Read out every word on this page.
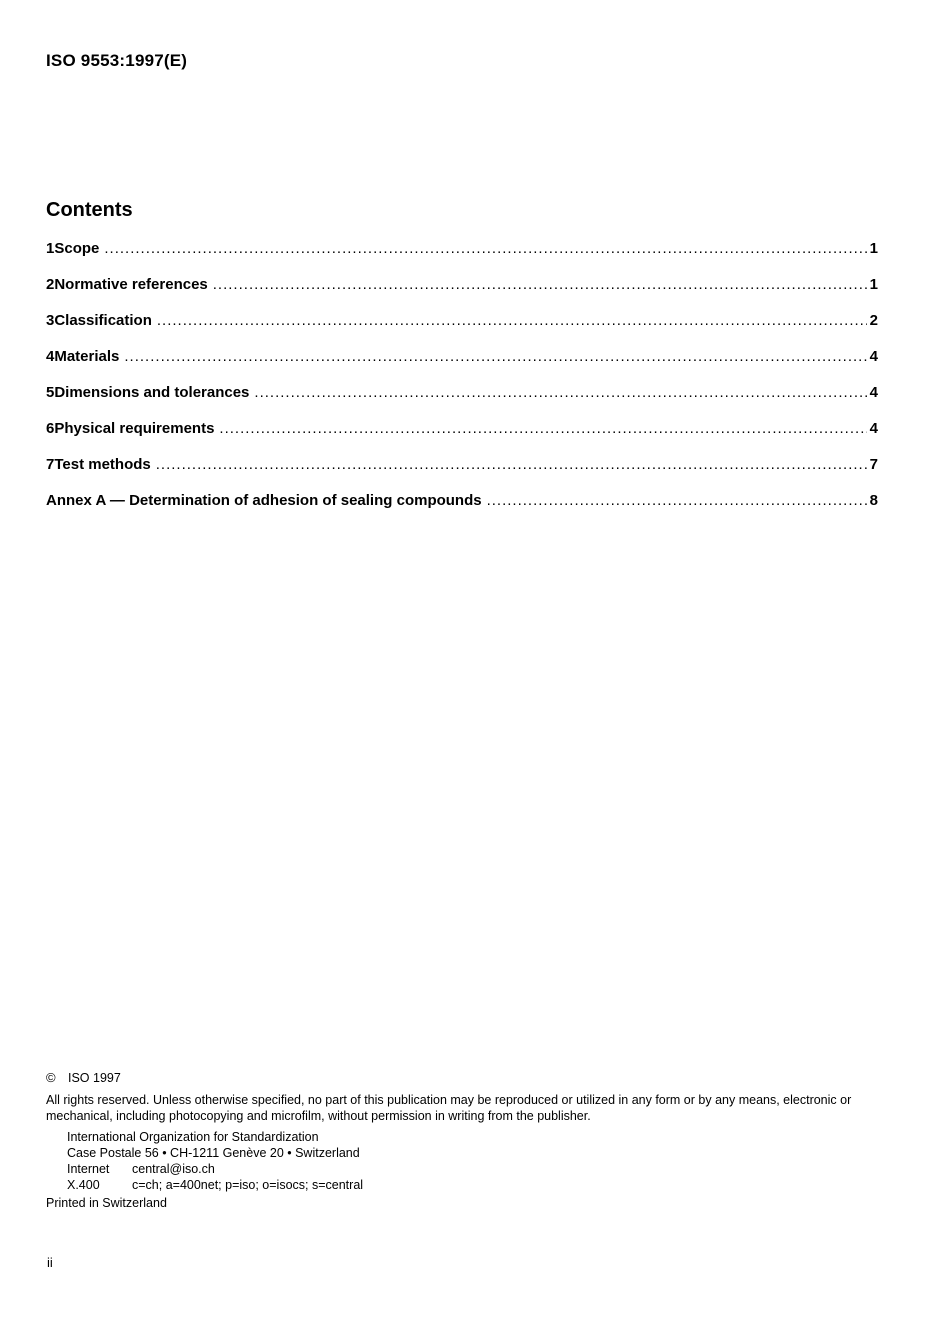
ISO 9553:1997(E)
Contents
1 Scope .....	1
2 Normative references .....	1
3 Classification .....	2
4 Materials .....	4
5 Dimensions and tolerances .....	4
6 Physical requirements .....	4
7 Test methods .....	7
Annex A — Determination of adhesion of sealing compounds .....	8
© ISO 1997

All rights reserved. Unless otherwise specified, no part of this publication may be reproduced or utilized in any form or by any means, electronic or mechanical, including photocopying and microfilm, without permission in writing from the publisher.

International Organization for Standardization
Case Postale 56 • CH-1211 Genève 20 • Switzerland
Internet	central@iso.ch
X.400	c=ch; a=400net; p=iso; o=isocs; s=central
Printed in Switzerland
ii
